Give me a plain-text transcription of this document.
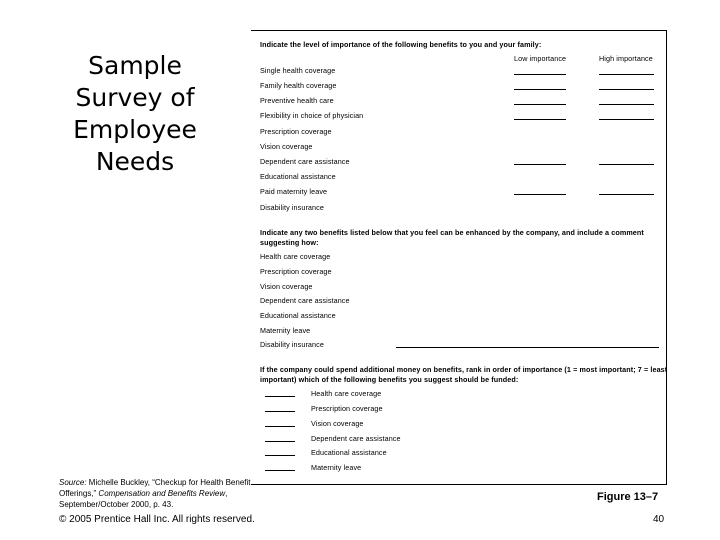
Sample
Survey of
Employee
Needs
Indicate the level of importance of the following benefits to you and your family:
Low importance	High importance
Single health coverage
Family health coverage
Preventive health care
Flexibility in choice of physician
Prescription coverage
Vision coverage
Dependent care assistance
Educational assistance
Paid maternity leave
Disability insurance
Indicate any two benefits listed below that you feel can be enhanced by the company, and include a comment
suggesting how:
Health care coverage
Prescription coverage
Vision coverage
Dependent care assistance
Educational assistance
Maternity leave
Disability insurance
If the company could spend additional money on benefits, rank in order of importance (1 = most important; 7 = least
important) which of the following benefits you suggest should be funded:
Health care coverage
Prescription coverage
Vision coverage
Dependent care assistance
Educational assistance
Maternity leave
Source: Michelle Buckley, “Checkup for Health Benefit Offerings,” Compensation and Benefits Review, September/October 2000, p. 43.
Figure 13–7
© 2005 Prentice Hall Inc. All rights reserved.	40
